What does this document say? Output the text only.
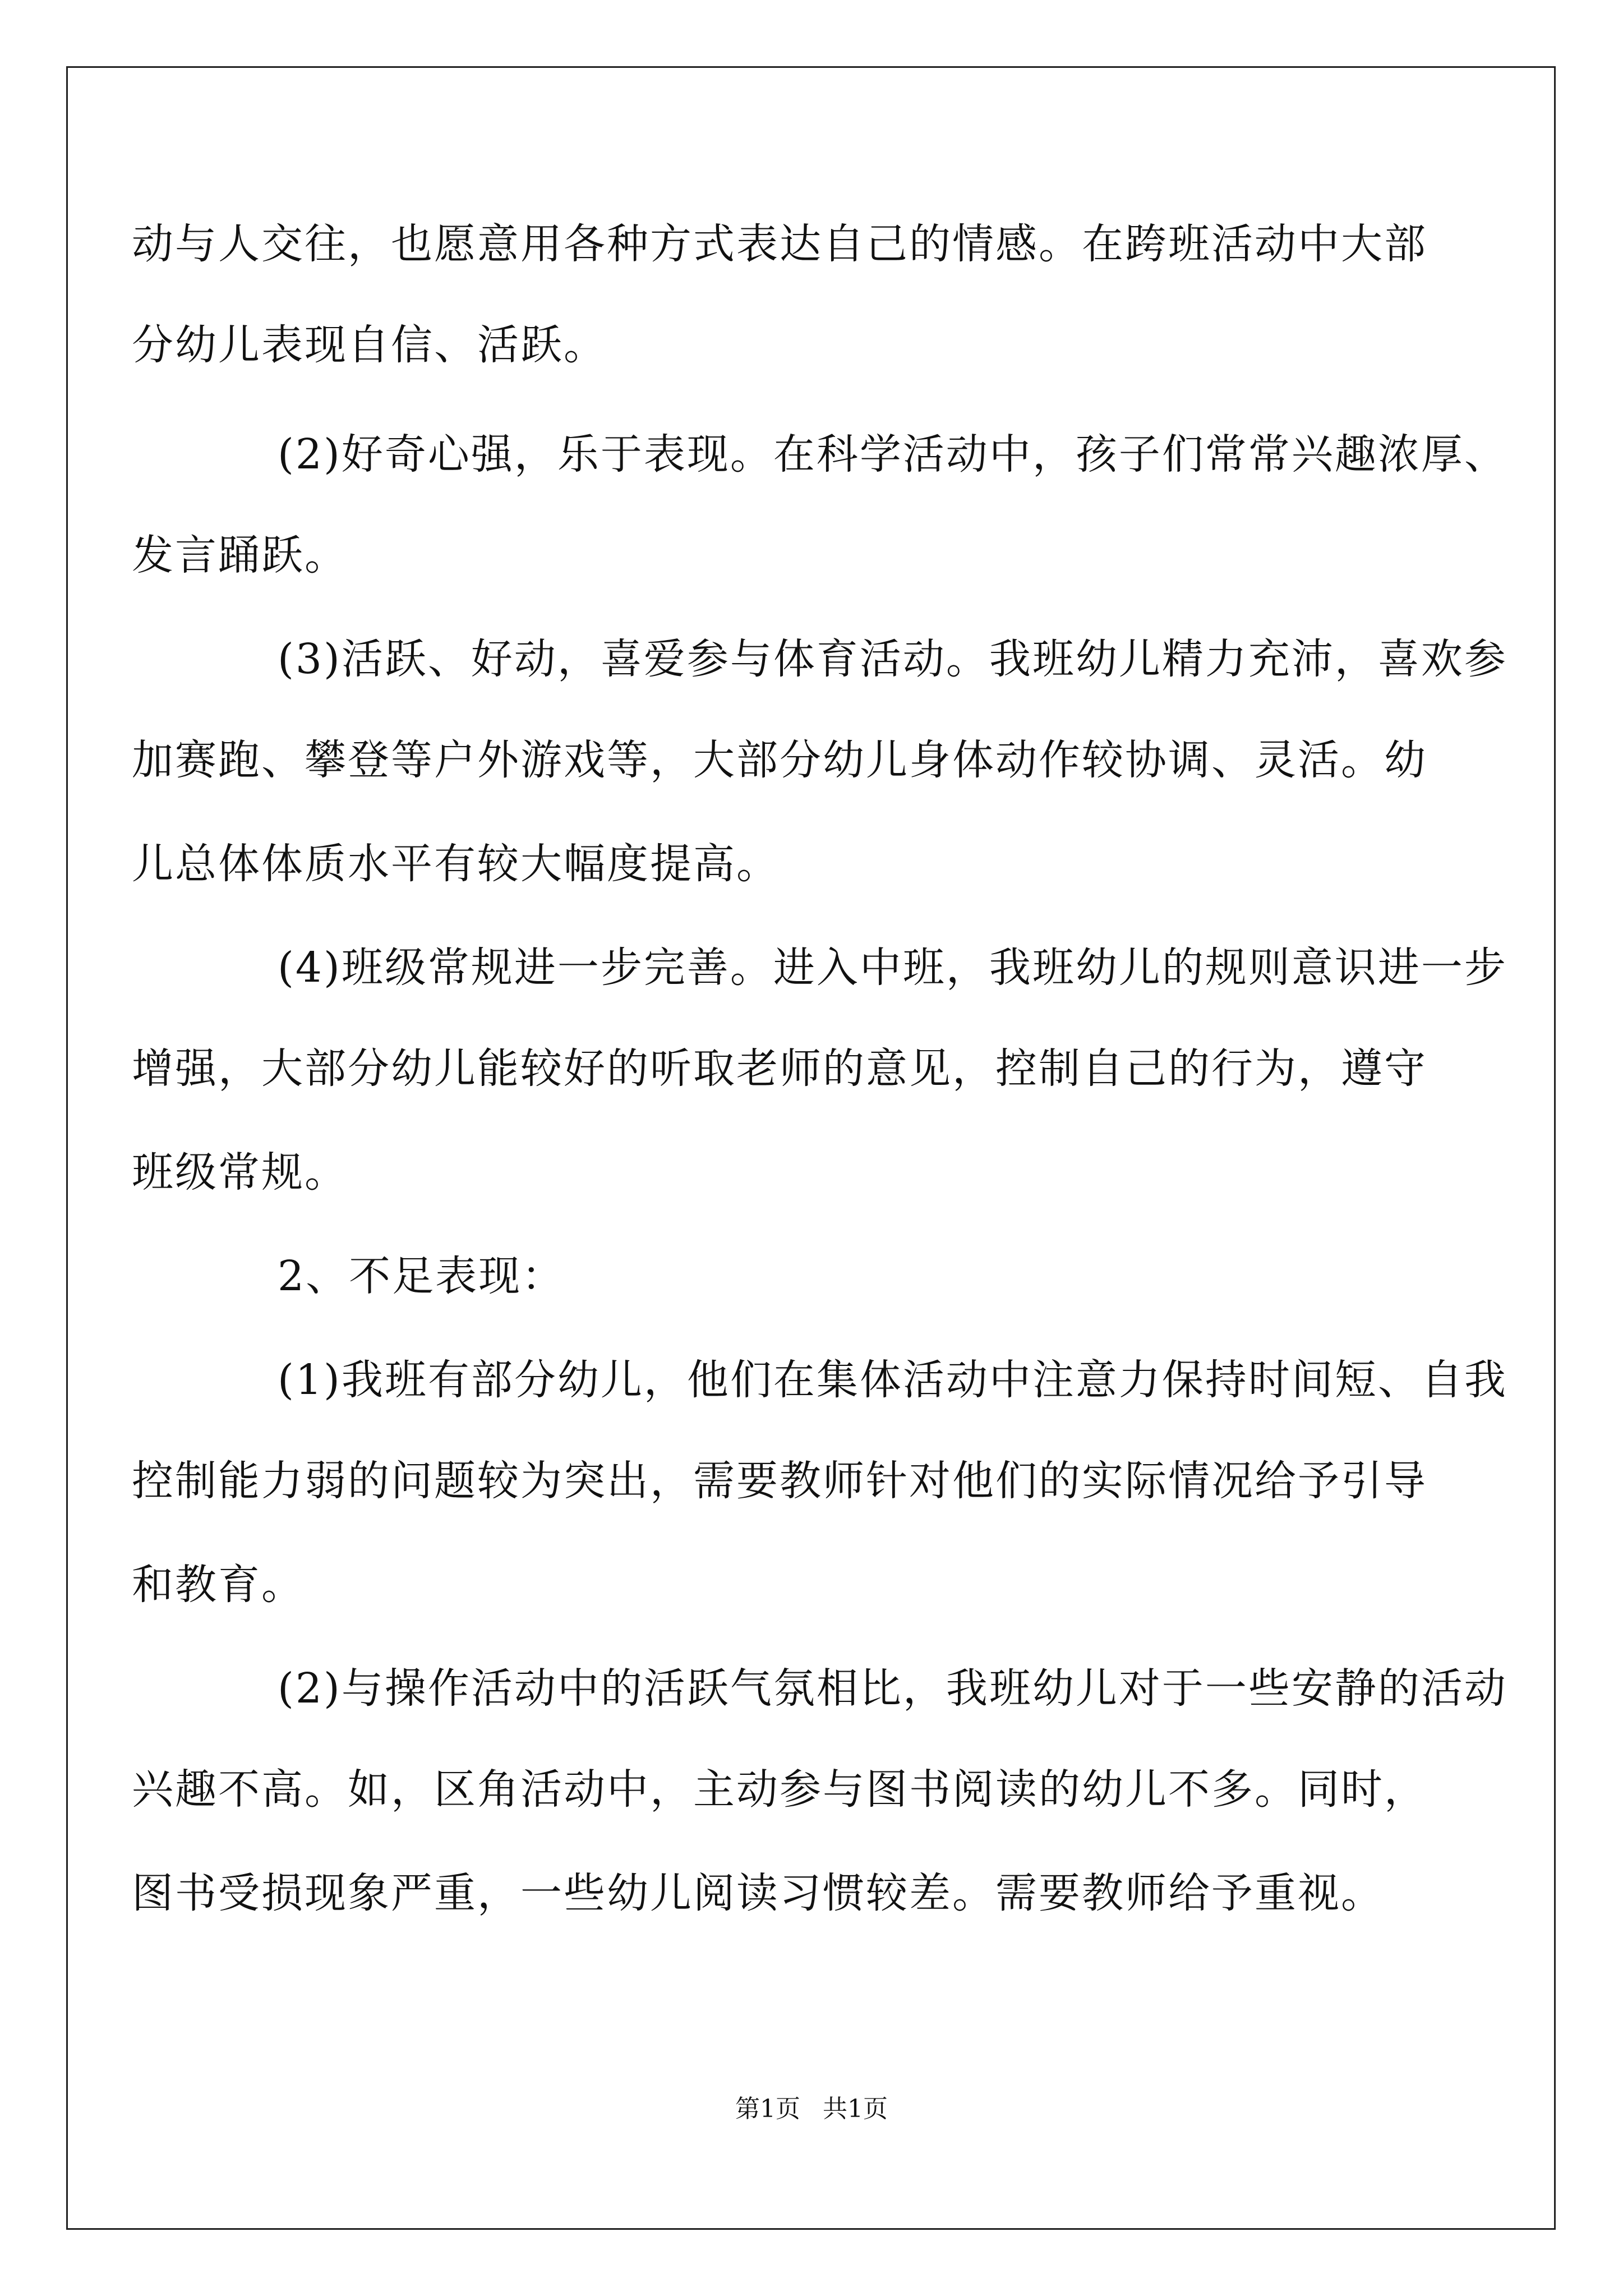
动与人交往，也愿意用各种方式表达自己的情感。在跨班活动中大部
分幼儿表现自信、活跃。
(2)好奇心强，乐于表现。在科学活动中，孩子们常常兴趣浓厚、
发言踊跃。
(3)活跃、好动，喜爱参与体育活动。我班幼儿精力充沛，喜欢参
加赛跑、攀登等户外游戏等，大部分幼儿身体动作较协调、灵活。幼
儿总体体质水平有较大幅度提高。
(4)班级常规进一步完善。进入中班，我班幼儿的规则意识进一步
增强，大部分幼儿能较好的听取老师的意见，控制自己的行为，遵守
班级常规。
2、不足表现：
(1)我班有部分幼儿，他们在集体活动中注意力保持时间短、自我
控制能力弱的问题较为突出，需要教师针对他们的实际情况给予引导
和教育。
(2)与操作活动中的活跃气氛相比，我班幼儿对于一些安静的活动
兴趣不高。如，区角活动中，主动参与图书阅读的幼儿不多。同时，
图书受损现象严重，一些幼儿阅读习惯较差。需要教师给予重视。
第1页 共1页
